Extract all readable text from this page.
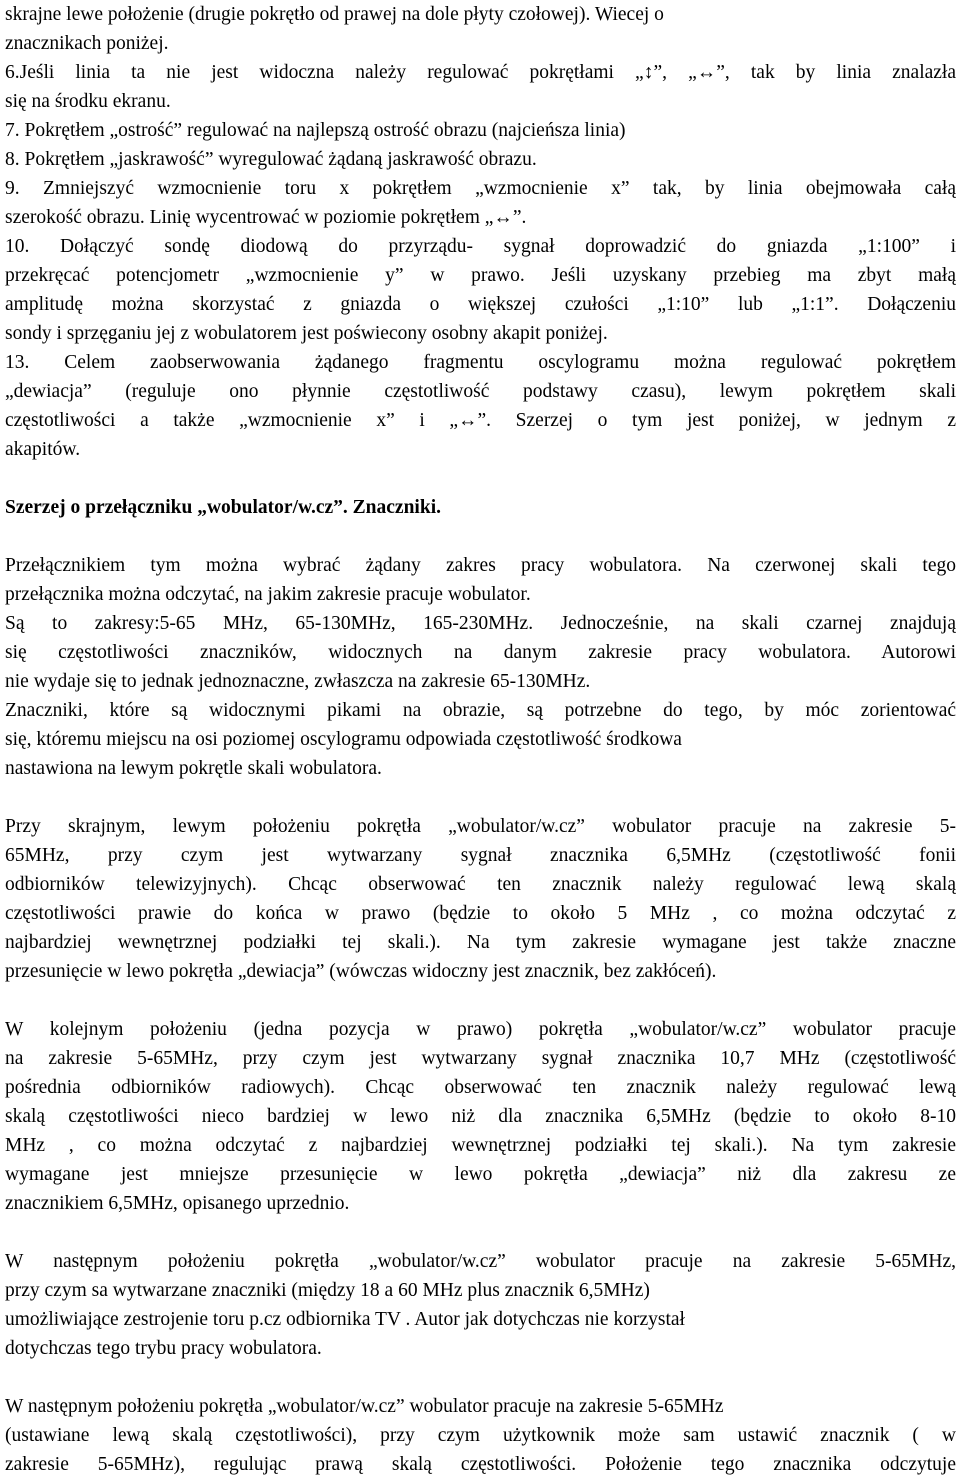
skrajne lewe położenie (drugie pokrętło od prawej na dole płyty czołowej). Wiecej o
znacznikach poniżej.
6.Jeśli linia ta nie jest widoczna należy regulować pokrętłami „↕”, „↔”, tak by linia znalazła
się na środku ekranu.
7. Pokrętłem „ostrość” regulować na najlepszą ostrość obrazu (najcieńsza linia)
8. Pokrętłem „jaskrawość” wyregulować żądaną jaskrawość obrazu.
9. Zmniejszyć wzmocnienie toru x pokrętłem „wzmocnienie x” tak, by linia obejmowała całą
szerokość obrazu. Linię wycentrować w poziomie pokrętłem „↔”.
10. Dołączyć sondę diodową do przyrządu- sygnał doprowadzić do gniazda „1:100” i
przekręcać potencjometr „wzmocnienie y” w prawo. Jeśli uzyskany przebieg ma zbyt małą
amplitudę można skorzystać z gniazda o większej czułości „1:10” lub „1:1”. Dołączeniu
sondy i sprzęganiu jej z wobulatorem jest poświecony osobny akapit poniżej.
13. Celem zaobserwowania żądanego fragmentu oscylogramu można regulować pokrętłem
„dewiacja” (reguluje ono płynnie częstotliwość podstawy czasu), lewym pokrętłem skali
częstotliwości a także „wzmocnienie x” i „↔”. Szerzej o tym jest poniżej, w jednym z
akapitów.
Szerzej o przełączniku „wobulator/w.cz”. Znaczniki.
Przełącznikiem tym można wybrać żądany zakres pracy wobulatora. Na czerwonej skali tego
przełącznika można odczytać, na jakim zakresie pracuje wobulator.
Są to zakresy:5-65 MHz, 65-130MHz, 165-230MHz. Jednocześnie, na skali czarnej znajdują
się częstotliwości znaczników, widocznych na danym zakresie pracy wobulatora. Autorowi
nie wydaje się to jednak jednoznaczne, zwłaszcza na zakresie 65-130MHz.
Znaczniki, które są widocznymi pikami na obrazie, są potrzebne do tego, by móc zorientować
się, któremu miejscu na osi poziomej oscylogramu odpowiada częstotliwość środkowa
nastawiona na lewym pokrętle skali wobulatora.
Przy skrajnym, lewym położeniu pokrętła „wobulator/w.cz” wobulator pracuje na zakresie 5-
65MHz, przy czym jest wytwarzany sygnał znacznika 6,5MHz (częstotliwość fonii
odbiorników telewizyjnych). Chcąc obserwować ten znacznik należy regulować lewą skalą
częstotliwości prawie do końca w prawo (będzie to około 5 MHz , co można odczytać z
najbardziej wewnętrznej podziałki tej skali.). Na tym zakresie wymagane jest także znaczne
przesunięcie w lewo pokrętła „dewiacja” (wówczas widoczny jest znacznik, bez zakłóceń).
W kolejnym położeniu (jedna pozycja w prawo) pokrętła „wobulator/w.cz” wobulator pracuje
na zakresie 5-65MHz, przy czym jest wytwarzany sygnał znacznika 10,7 MHz (częstotliwość
pośrednia odbiorników radiowych). Chcąc obserwować ten znacznik należy regulować lewą
skalą częstotliwości nieco bardziej w lewo niż dla znacznika 6,5MHz (będzie to około 8-10
MHz , co można odczytać z najbardziej wewnętrznej podziałki tej skali.). Na tym zakresie
wymagane jest mniejsze przesunięcie w lewo pokrętła „dewiacja” niż dla zakresu ze
znacznikiem 6,5MHz, opisanego uprzednio.
W następnym położeniu pokrętła „wobulator/w.cz” wobulator pracuje na zakresie 5-65MHz,
przy czym sa wytwarzane znaczniki (między 18 a 60 MHz plus znacznik 6,5MHz)
umożliwiające zestrojenie toru p.cz odbiornika TV . Autor jak dotychczas nie korzystał
dotychczas tego trybu pracy wobulatora.
W następnym położeniu pokrętła „wobulator/w.cz” wobulator pracuje na zakresie 5-65MHz
(ustawiane lewą skalą częstotliwości), przy czym użytkownik może sam ustawić znacznik ( w
zakresie 5-65MHz), regulując prawą skalą częstotliwości. Położenie tego znacznika odczytuje
